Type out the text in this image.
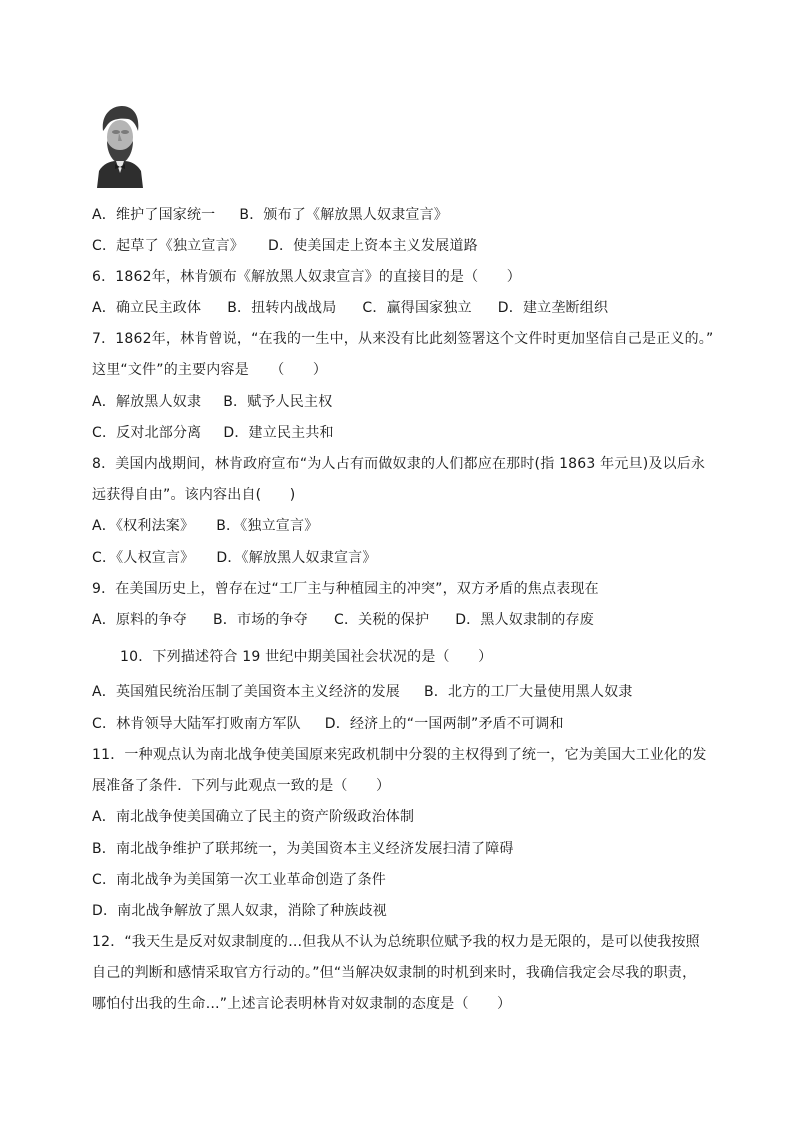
A．维护了国家统一 B．颁布了《解放黑人奴隶宣言》
C．起草了《独立宣言》 D．使美国走上资本主义发展道路
6．1862年，林肯颁布《解放黑人奴隶宣言》的直接目的是（　　）
A．确立民主政体 B．扭转内战战局 C．赢得国家独立 D．建立垄断组织
7．1862年，林肯曾说，“在我的一生中，从来没有比此刻签署这个文件时更加坚信自己是正义的。”
这里“文件”的主要内容是　　（　　）
A．解放黑人奴隶 B．赋予人民主权
C．反对北部分离 D．建立民主共和
8．美国内战期间，林肯政府宣布“为人占有而做奴隶的人们都应在那时(指 1863 年元旦)及以后永
远获得自由”。该内容出自(　　)
A．《权利法案》 B．《独立宣言》
C．《人权宣言》 D．《解放黑人奴隶宣言》
9．在美国历史上，曾存在过“工厂主与种植园主的冲突”，双方矛盾的焦点表现在
A．原料的争夺 B．市场的争夺 C．关税的保护 D．黑人奴隶制的存废
10．下列描述符合 19 世纪中期美国社会状况的是（　　）
A．英国殖民统治压制了美国资本主义经济的发展 B．北方的工厂大量使用黑人奴隶
C．林肯领导大陆军打败南方军队 D．经济上的“一国两制”矛盾不可调和
11．一种观点认为南北战争使美国原来宪政机制中分裂的主权得到了统一，它为美国大工业化的发
展准备了条件．下列与此观点一致的是（　　）
A．南北战争使美国确立了民主的资产阶级政治体制
B．南北战争维护了联邦统一，为美国资本主义经济发展扫清了障碍
C．南北战争为美国第一次工业革命创造了条件
D．南北战争解放了黑人奴隶，消除了种族歧视
12．“我天生是反对奴隶制度的…但我从不认为总统职位赋予我的权力是无限的，是可以使我按照
自己的判断和感情采取官方行动的。”但“当解决奴隶制的时机到来时，我确信我定会尽我的职责，
哪怕付出我的生命…”上述言论表明林肯对奴隶制的态度是（　　）
